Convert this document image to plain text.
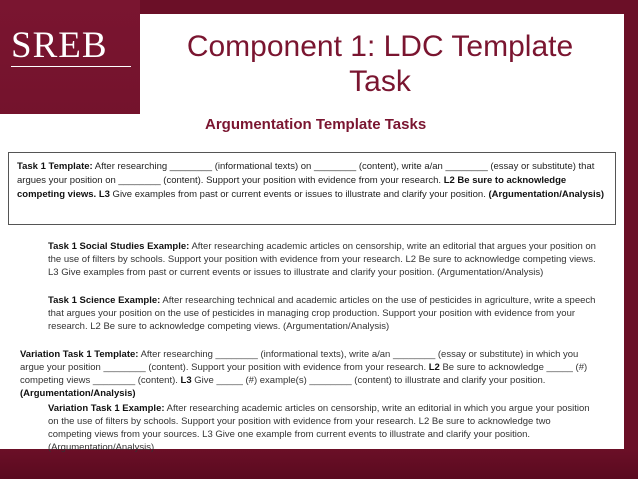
SREB	Component 1: LDC Template Task
Argumentation Template Tasks
Task 1 Template: After researching ________ (informational texts) on ________ (content), write a/an ________ (essay or substitute) that argues your position on ________ (content). Support your position with evidence from your research. L2 Be sure to acknowledge competing views. L3 Give examples from past or current events or issues to illustrate and clarify your position. (Argumentation/Analysis)
Task 1 Social Studies Example: After researching academic articles on censorship, write an editorial that argues your position on the use of filters by schools. Support your position with evidence from your research. L2 Be sure to acknowledge competing views. L3 Give examples from past or current events or issues to illustrate and clarify your position. (Argumentation/Analysis)
Task 1 Science Example: After researching technical and academic articles on the use of pesticides in agriculture, write a speech that argues your position on the use of pesticides in managing crop production. Support your position with evidence from your research. L2 Be sure to acknowledge competing views. (Argumentation/Analysis)
Variation Task 1 Template: After researching ________ (informational texts), write a/an ________ (essay or substitute) in which you argue your position ________ (content). Support your position with evidence from your research. L2 Be sure to acknowledge _____ (#) competing views ________ (content). L3 Give _____ (#) example(s) ________ (content) to illustrate and clarify your position. (Argumentation/Analysis)
Variation Task 1 Example: After researching academic articles on censorship, write an editorial in which you argue your position on the use of filters by schools. Support your position with evidence from your research. L2 Be sure to acknowledge two competing views from your sources. L3 Give one example from current events to illustrate and clarify your position. (Argumentation/Analysis)
